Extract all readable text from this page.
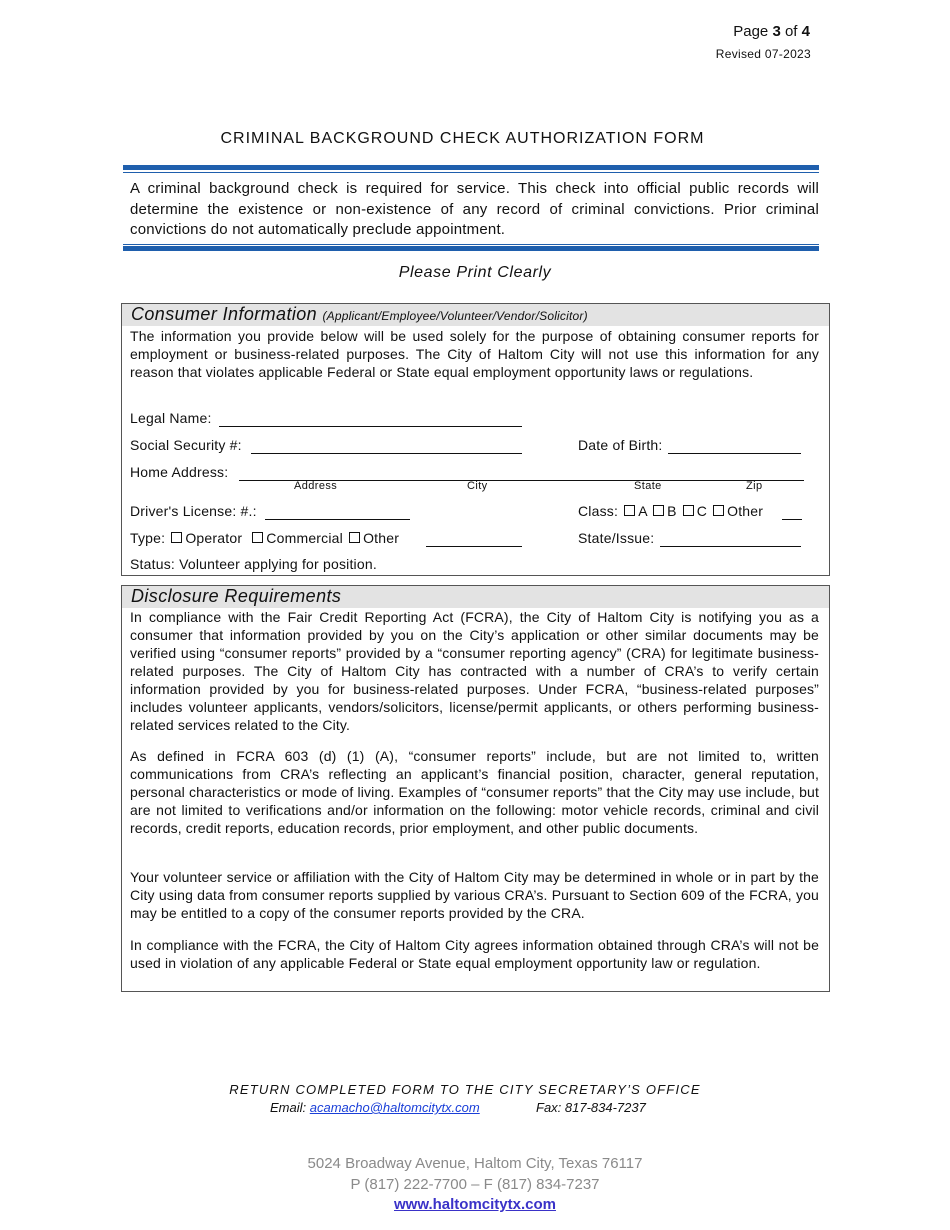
Page 3 of 4
Revised 07-2023
CRIMINAL BACKGROUND CHECK AUTHORIZATION FORM
A criminal background check is required for service. This check into official public records will determine the existence or non-existence of any record of criminal convictions. Prior criminal convictions do not automatically preclude appointment.
Please Print Clearly
Consumer Information (Applicant/Employee/Volunteer/Vendor/Solicitor)
The information you provide below will be used solely for the purpose of obtaining consumer reports for employment or business-related purposes. The City of Haltom City will not use this information for any reason that violates applicable Federal or State equal employment opportunity laws or regulations.
Legal Name:
Social Security #:	Date of Birth:
Home Address:
Address	City	State	Zip
Driver's License: #.:	Class: A B C Other
Type: Operator Commercial Other	State/Issue:
Status: Volunteer applying for position.
Disclosure Requirements
In compliance with the Fair Credit Reporting Act (FCRA), the City of Haltom City is notifying you as a consumer that information provided by you on the City’s application or other similar documents may be verified using “consumer reports” provided by a “consumer reporting agency” (CRA) for legitimate business-related purposes. The City of Haltom City has contracted with a number of CRA’s to verify certain information provided by you for business-related purposes. Under FCRA, “business-related purposes” includes volunteer applicants, vendors/solicitors, license/permit applicants, or others performing business-related services related to the City.
As defined in FCRA 603 (d) (1) (A), “consumer reports” include, but are not limited to, written communications from CRA’s reflecting an applicant’s financial position, character, general reputation, personal characteristics or mode of living. Examples of “consumer reports” that the City may use include, but are not limited to verifications and/or information on the following: motor vehicle records, criminal and civil records, credit reports, education records, prior employment, and other public documents.
Your volunteer service or affiliation with the City of Haltom City may be determined in whole or in part by the City using data from consumer reports supplied by various CRA’s. Pursuant to Section 609 of the FCRA, you may be entitled to a copy of the consumer reports provided by the CRA.
In compliance with the FCRA, the City of Haltom City agrees information obtained through CRA’s will not be used in violation of any applicable Federal or State equal employment opportunity law or regulation.
RETURN COMPLETED FORM TO THE CITY SECRETARY’S OFFICE
Email: acamacho@haltomcitytx.com	Fax: 817-834-7237
5024 Broadway Avenue, Haltom City, Texas 76117
P (817) 222-7700 – F (817) 834-7237
www.haltomcitytx.com
